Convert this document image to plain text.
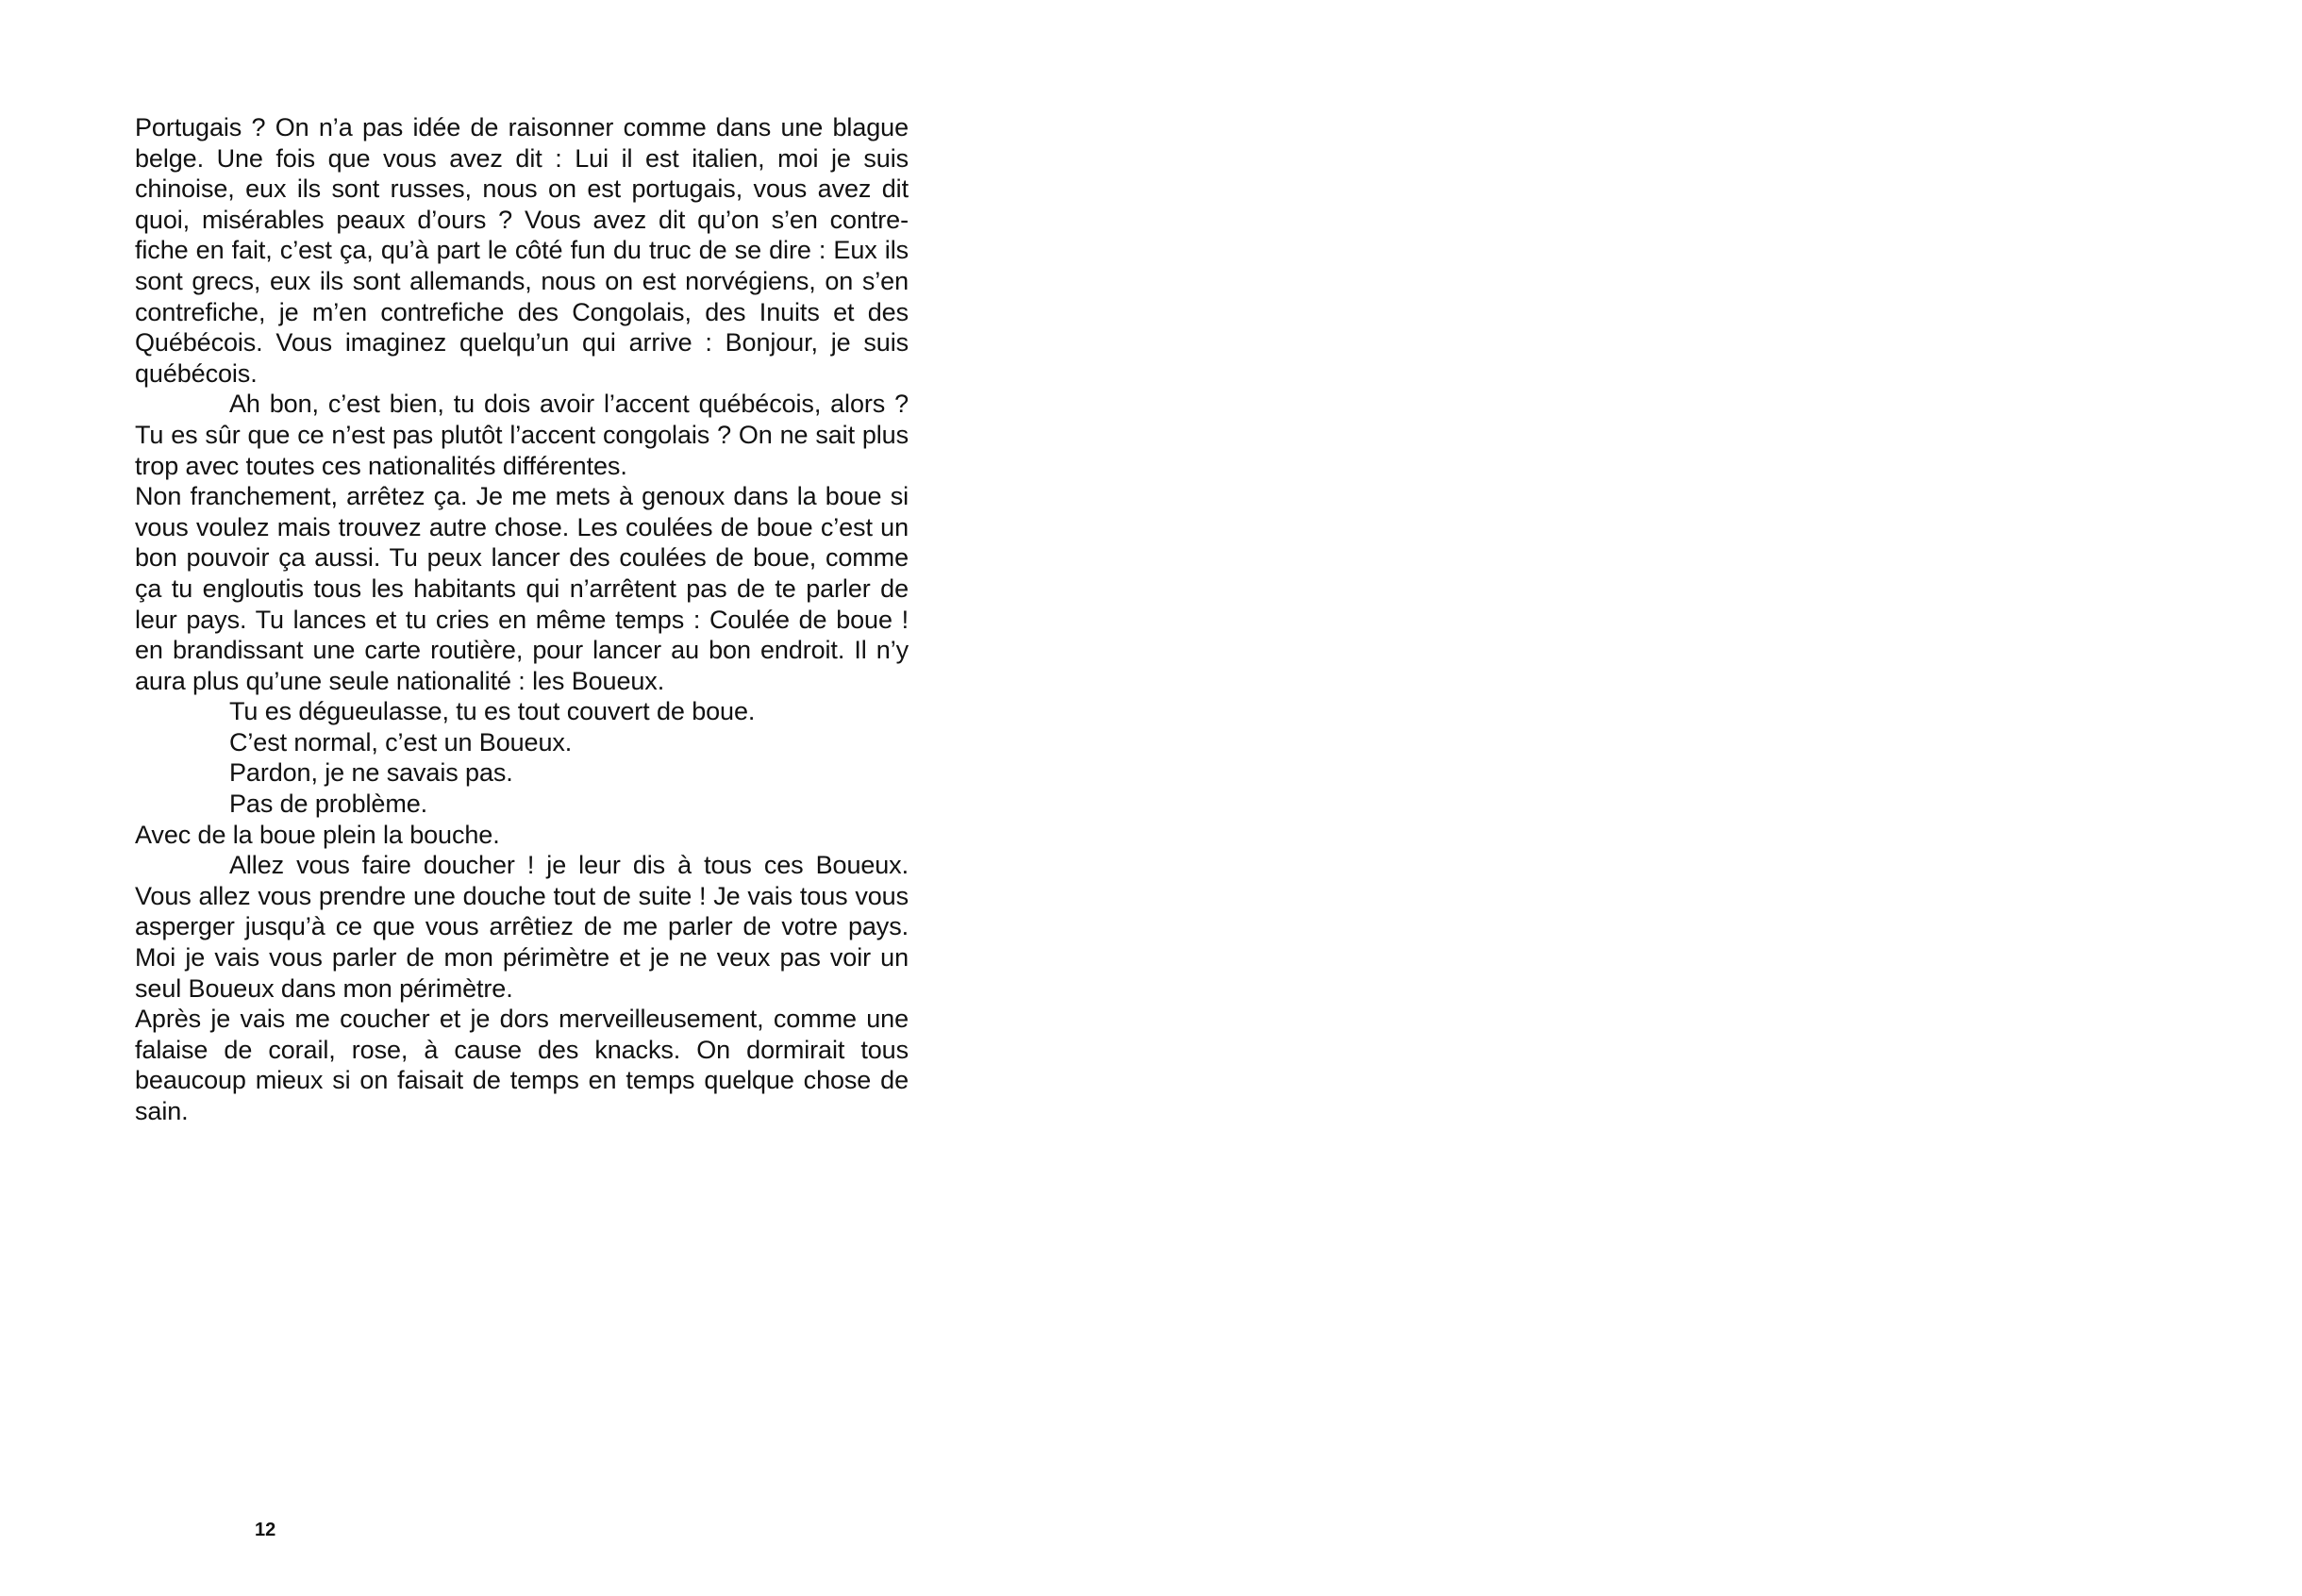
Portugais ? On n’a pas idée de raisonner comme dans une blague belge. Une fois que vous avez dit : Lui il est italien, moi je suis chinoise, eux ils sont russes, nous on est portugais, vous avez dit quoi, misérables peaux d’ours ? Vous avez dit qu’on s’en contre-fiche en fait, c’est ça, qu’à part le côté fun du truc de se dire : Eux ils sont grecs, eux ils sont allemands, nous on est norvégiens, on s’en contrefiche, je m’en contrefiche des Congolais, des Inuits et des Québécois. Vous imaginez quelqu’un qui arrive : Bonjour, je suis québécois.

Ah bon, c’est bien, tu dois avoir l’accent québécois, alors ? Tu es sûr que ce n’est pas plutôt l’accent congolais ? On ne sait plus trop avec toutes ces nationalités différentes.

Non franchement, arrêtez ça. Je me mets à genoux dans la boue si vous voulez mais trouvez autre chose. Les coulées de boue c’est un bon pouvoir ça aussi. Tu peux lancer des coulées de boue, comme ça tu engloutis tous les habitants qui n’arrêtent pas de te parler de leur pays. Tu lances et tu cries en même temps : Coulée de boue ! en brandissant une carte routière, pour lancer au bon endroit. Il n’y aura plus qu’une seule nationalité : les Boueux.

Tu es dégueulasse, tu es tout couvert de boue.

C’est normal, c’est un Boueux.

Pardon, je ne savais pas.

Pas de problème.

Avec de la boue plein la bouche.

Allez vous faire doucher ! je leur dis à tous ces Boueux. Vous allez vous prendre une douche tout de suite ! Je vais tous vous asperger jusqu’à ce que vous arrêtiez de me parler de votre pays. Moi je vais vous parler de mon périmètre et je ne veux pas voir un seul Boueux dans mon périmètre.

Après je vais me coucher et je dors merveilleusement, comme une falaise de corail, rose, à cause des knacks. On dormirait tous beaucoup mieux si on faisait de temps en temps quelque chose de sain.

12
